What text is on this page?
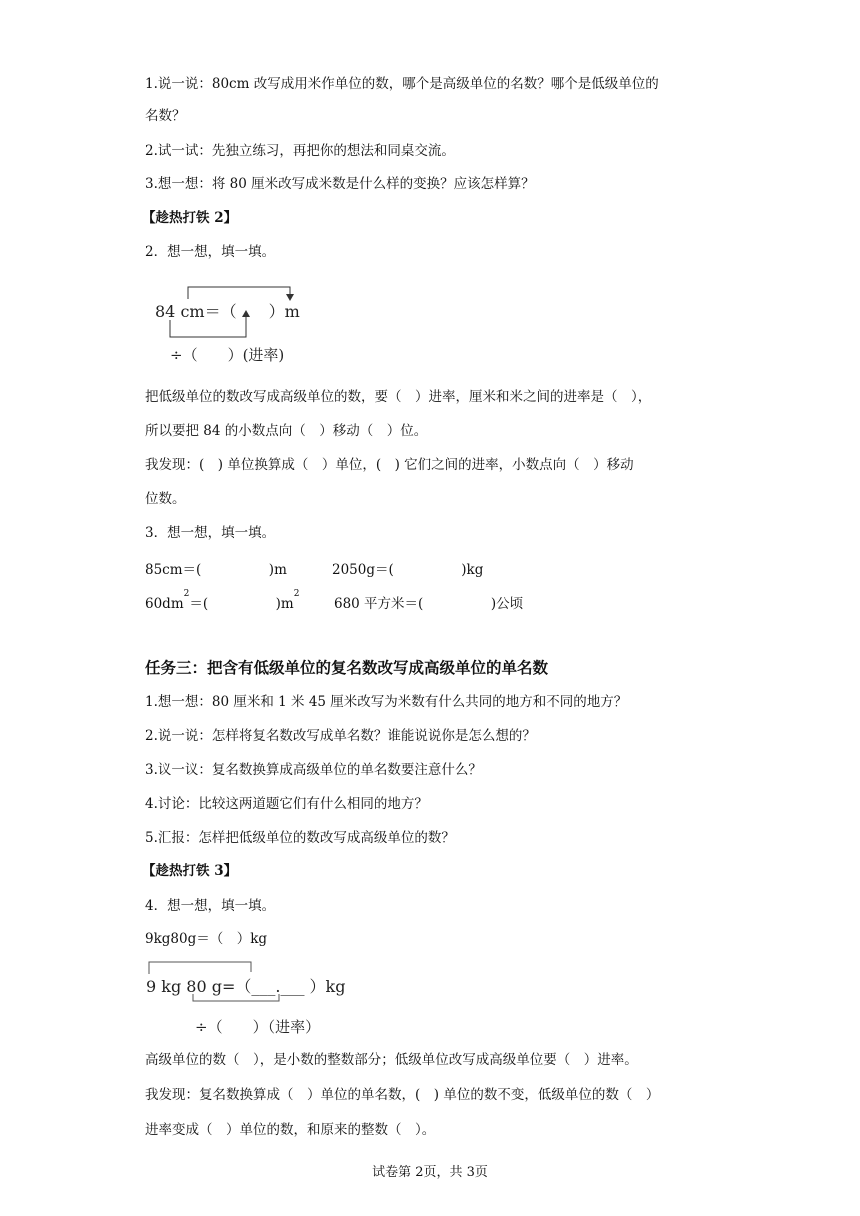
1.说一说：80cm 改写成用米作单位的数，哪个是高级单位的名数？哪个是低级单位的
名数？
2.试一试：先独立练习，再把你的想法和同桌交流。
3.想一想：将 80 厘米改写成米数是什么样的变换？应该怎样算？
【趁热打铁 2】
2．想一想，填一填。
84 cm＝（　　）m
÷（　　）(进率)
把低级单位的数改写成高级单位的数，要（　）进率，厘米和米之间的进率是（　），
所以要把 84 的小数点向（　）移动（　）位。
我发现：(　) 单位换算成（　）单位，(　) 它们之间的进率，小数点向（　）移动
位数。
3．想一想，填一填。
85cm＝(　　　　　)m	2050g＝(　　　　　)kg
$60dm^2=$(　　　　　)$m^2$
680 平方米＝(　　　　　)公顷
任务三：把含有低级单位的复名数改写成高级单位的单名数
1.想一想：80 厘米和 1 米 45 厘米改写为米数有什么共同的地方和不同的地方？
2.说一说：怎样将复名数改写成单名数？谁能说说你是怎么想的？
3.议一议：复名数换算成高级单位的单名数要注意什么？
4.讨论：比较这两道题它们有什么相同的地方？
5.汇报：怎样把低级单位的数改写成高级单位的数？
【趁热打铁 3】
4．想一想，填一填。
9kg80g＝（　）kg
9 kg 80 g=（___.___ ）kg
÷（　　）（进率）
高级单位的数（　），是小数的整数部分；低级单位改写成高级单位要（　）进率。
我发现：复名数换算成（　）单位的单名数，(　) 单位的数不变，低级单位的数（　）
进率变成（　）单位的数，和原来的整数（　）。
试卷第 2页，共 3页
